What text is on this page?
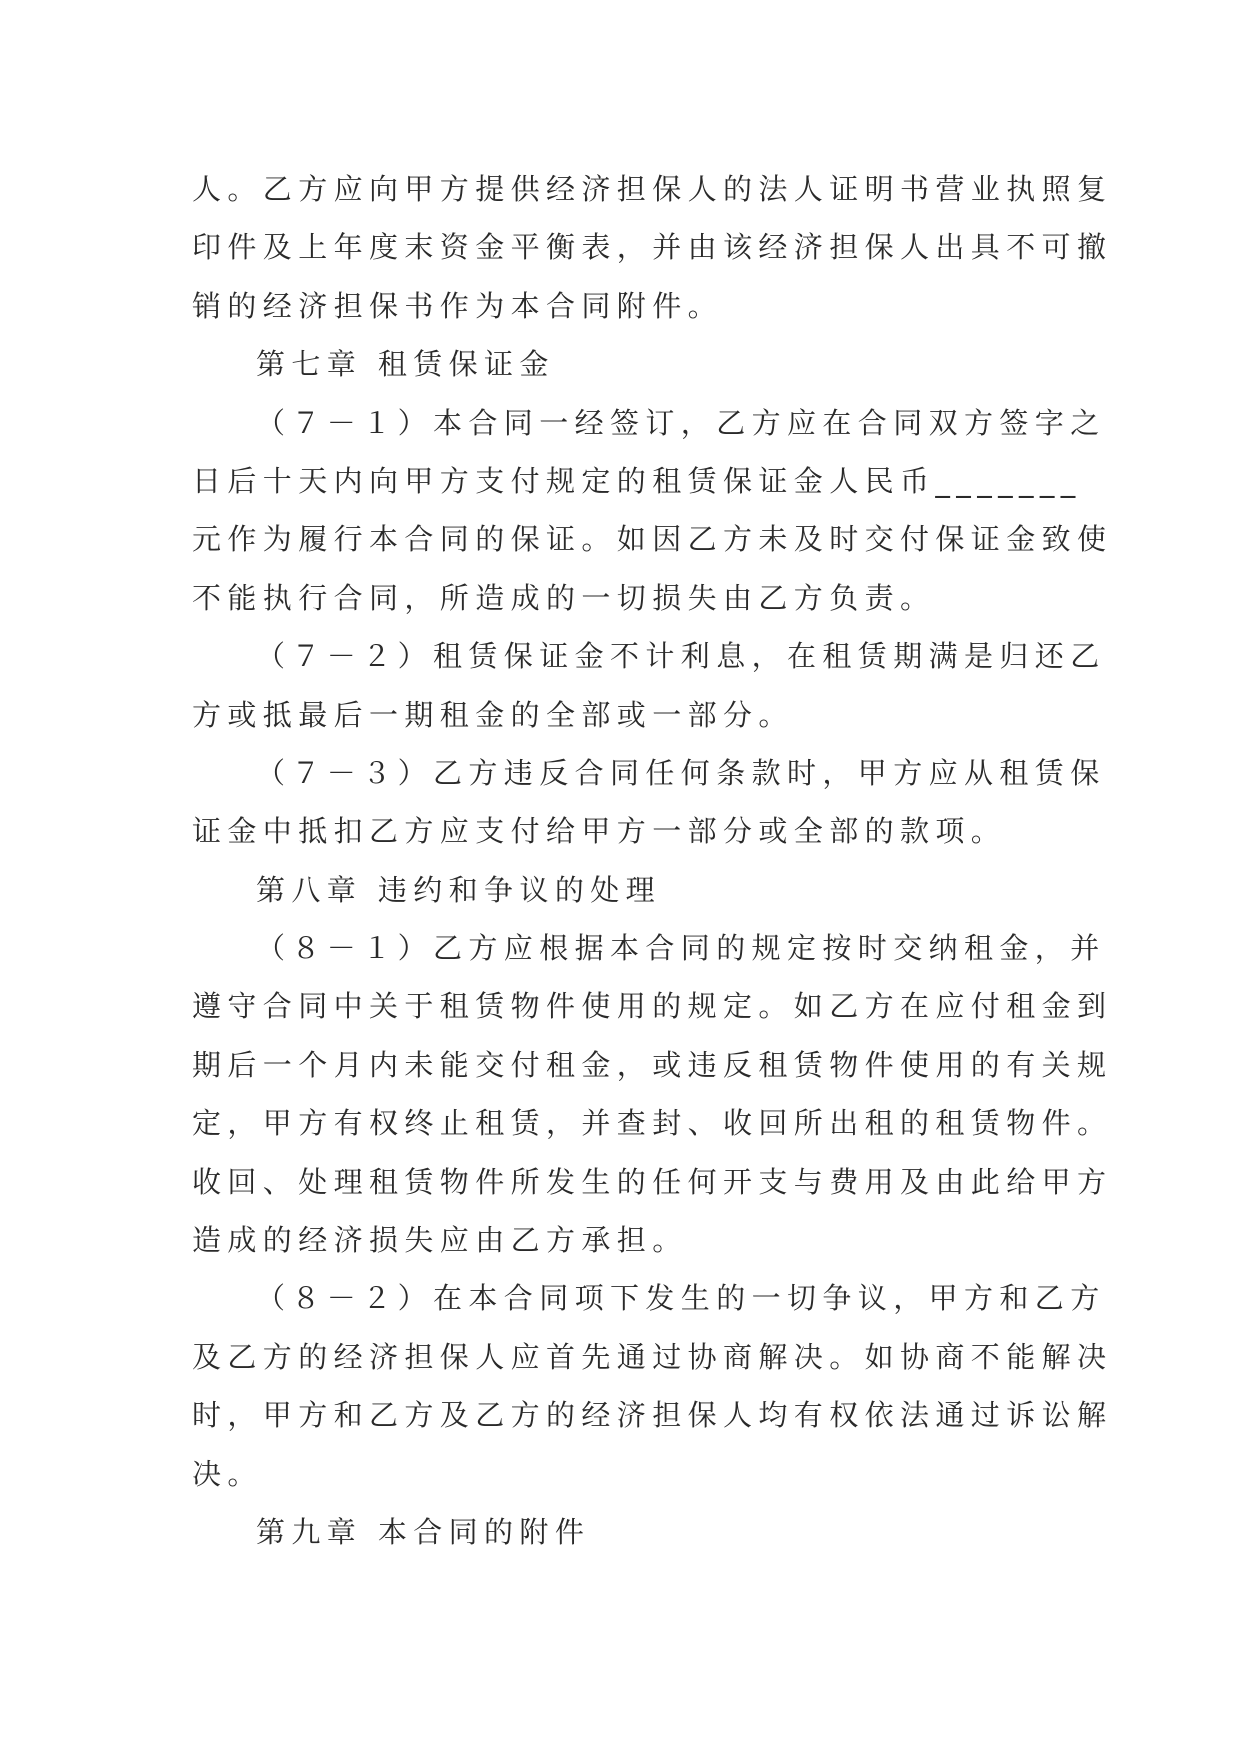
人。乙方应向甲方提供经济担保人的法人证明书营业执照复
印件及上年度末资金平衡表，并由该经济担保人出具不可撤
销的经济担保书作为本合同附件。
第七章 租赁保证金
（７－１）本合同一经签订，乙方应在合同双方签字之
日后十天内向甲方支付规定的租赁保证金人民币_______
元作为履行本合同的保证。如因乙方未及时交付保证金致使
不能执行合同，所造成的一切损失由乙方负责。
（７－２）租赁保证金不计利息，在租赁期满是归还乙
方或抵最后一期租金的全部或一部分。
（７－３）乙方违反合同任何条款时，甲方应从租赁保
证金中抵扣乙方应支付给甲方一部分或全部的款项。
第八章 违约和争议的处理
（８－１）乙方应根据本合同的规定按时交纳租金，并
遵守合同中关于租赁物件使用的规定。如乙方在应付租金到
期后一个月内未能交付租金，或违反租赁物件使用的有关规
定，甲方有权终止租赁，并查封、收回所出租的租赁物件。
收回、处理租赁物件所发生的任何开支与费用及由此给甲方
造成的经济损失应由乙方承担。
（８－２）在本合同项下发生的一切争议，甲方和乙方
及乙方的经济担保人应首先通过协商解决。如协商不能解决
时，甲方和乙方及乙方的经济担保人均有权依法通过诉讼解
决。
第九章 本合同的附件
